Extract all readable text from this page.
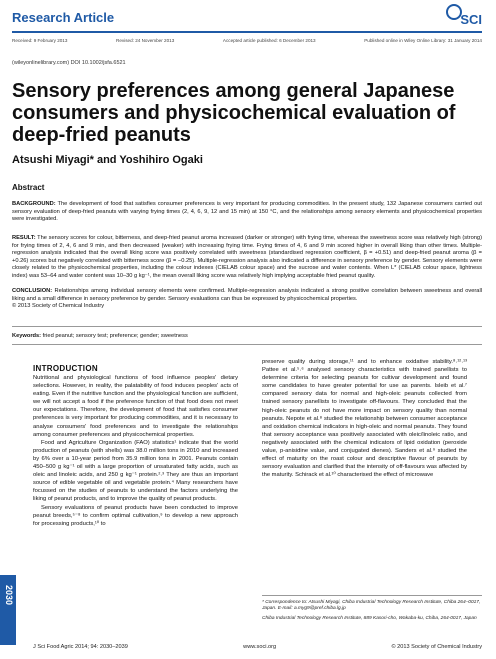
Research Article	SCI
Received: 9 February 2013	Revised: 24 November 2013	Accepted article published: 6 December 2013	Published online in Wiley Online Library: 31 January 2014
(wileyonlinelibrary.com) DOI 10.1002/jsfa.6521
Sensory preferences among general Japanese consumers and physicochemical evaluation of deep-fried peanuts
Atsushi Miyagi* and Yoshihiro Ogaki
Abstract

BACKGROUND: The development of food that satisfies consumer preferences is very important for producing commodities. In the present study, 132 Japanese consumers carried out sensory evaluation of deep-fried peanuts with varying frying times (2, 4, 6, 9, 12 and 15 min) at 150 °C, and the relationships among sensory elements and physicochemical properties were investigated.

RESULT: The sensory scores for colour, bitterness, and deep-fried peanut aroma increased (darker or stronger) with frying time, whereas the sweetness score was relatively high (strong) for frying times of 2, 4, 6 and 9 min, and then decreased (weaker) with increasing frying time. Frying times of 4, 6 and 9 min scored higher in overall liking than other times. Multiple-regression analysis indicated that the overall liking score was positively correlated with sweetness (standardised regression coefficient, β = +0.51) and deep-fried peanut aroma (β = +0.26) scores but negatively correlated with bitterness score (β = −0.25). Multiple-regression analysis also indicated a difference in sensory preference by gender. Sensory elements were closely related to the physicochemical properties, including the colour indexes (CIELAB colour space) and the sucrose and water contents. When L* (CIELAB colour space, lightness index) was 53–64 and water content was 10–30 g kg⁻¹, the mean overall liking score was relatively high implying acceptable fried peanut quality.

CONCLUSION: Relationships among individual sensory elements were confirmed. Multiple-regression analysis indicated a strong positive correlation between sweetness and overall liking and a small difference in sensory preference by gender. Sensory evaluations can thus be expressed by physicochemical properties.
© 2013 Society of Chemical Industry

Keywords: fried peanut; sensory test; preference; gender; sweetness
INTRODUCTION

Nutritional and physiological functions of food influence peoples' dietary selections. However, in reality, the palatability of food induces peoples' acts of eating. Even if the nutritive function and the physiological function are sufficient, we will not accept a food if the preference function of that food does not meet our expectations. Therefore, the development of food that satisfies consumer preferences is very important for producing commodities, and it is necessary to analyse consumers' food preferences and to investigate the relationships among consumer preferences and physicochemical properties.

Food and Agriculture Organization (FAO) statistics¹ indicate that the world production of peanuts (with shells) was 38.0 million tons in 2010 and increased by 6% over a 10-year period from 35.9 million tons in 2001. Peanuts contain 450–500 g kg⁻¹ oil with a large proportion of unsaturated fatty acids, such as oleic and linoleic acids, and 250 g kg⁻¹ protein.²˒³ They are thus an important source of edible vegetable oil and vegetable protein.⁴ Many researchers have focussed on the studies of peanuts to understand the factors underlying the liking of peanut products, and to improve the quality of peanut products.

Sensory evaluations of peanut products have been conducted to improve peanut breeds,⁵⁻⁸ to confirm optimal cultivation,⁹ to develop a new approach for processing products,¹⁰ to

preserve quality during storage,¹¹ and to enhance oxidative stability.⁸˒¹²˒¹³ Pattee et al.⁵˒⁶ analysed sensory characteristics with trained panellists to determine criteria for selecting peanuts for cultivar development and found some candidates to have greater potential for use as parents. Isleib et al.⁷ compared sensory data for normal and high-oleic peanuts collected from trained sensory panellists to investigate off-flavours. They concluded that the high-oleic peanuts do not have more impact on sensory quality than normal peanuts. Nepote et al.⁸ studied the relationship between consumer acceptance and oxidation chemical indicators in high-oleic and normal peanuts. They found that sensory acceptance was positively associated with oleic/linoleic ratio, and negatively associated with the chemical indicators of lipid oxidation (peroxide value, p-anisidine value, and conjugated dienes). Sanders et al.⁹ studied the effect of maturity on the roast colour and descriptive flavour of peanuts by sensory evaluation and clarified that the intensity of off-flavours was affected by the maturity. Schirack et al.¹⁰ characterised the effect of microwave

* Correspondence to: Atsushi Miyagi, Chiba Industrial Technology Research Institute, Chiba 264–0017, Japan. E-mail: a.myg9@pref.chiba.lg.jp

Chiba Industrial Technology Research Institute, 889 Kasori-cho, Wakaba-ku, Chiba, 264-0017, Japan

2030
J Sci Food Agric 2014; 94: 2030–2039	www.soci.org	© 2013 Society of Chemical Industry
